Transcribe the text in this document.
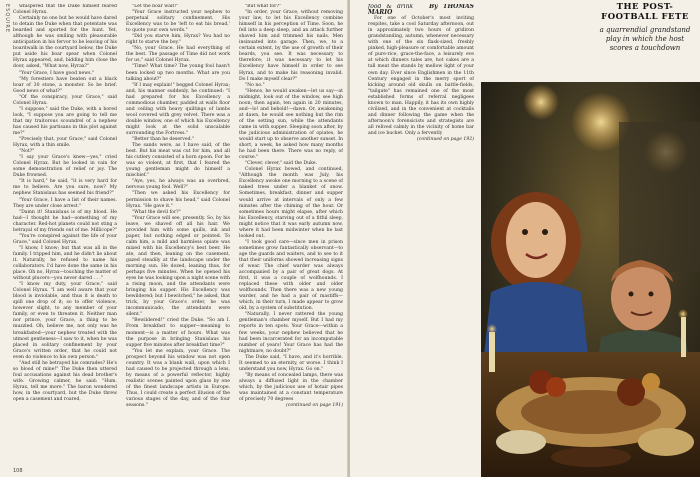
ESQUIRE	whispered that the Duke himself feared Colonel Hyrax.

Certainly no one but he would have dared to detain the Duke when that potentate was bearded and sported for the hunt. Yet, although he was smiling with pleasurable anticipation in his fervor to be leaving of his boardwalk in the courtyard below, the Duke put aside his boar spear when Colonel Hyrax appeared, and, bidding him close the door, asked, "What now, Hyrax?"

"Your Grace, I have good news."

"My forestiers have beaten out a black boar of 30 stone, a monster. So be brief. Good news of what?"

"Of the conspiracy, your Grace," said Colonel Hyrax.

"I suppose," said the Duke, with a bored look, "I suppose you are going to tell me that my traitorous scoundrel of a nephew has caused his partisans in this plot against me?"

"Precisely that, your Grace," said Colonel Hyrax, with a thin smile.

"Not?"

"I say your Grace's knew—yes," cried Colonel Hyrax. But he looked in vain for some demonstration of relief or joy. The Duke frowned.

"It is hard," he said, "it is very hard for me to believe. Are you sure, now? My nephew Stanislaus has seemed his friend?"

"Your Grace, I have a list of their names. They are under close arrest."

"Damn it! Stanislaus is of my blood. He had—I thought he had—something of my character. Red-hot planets could not sting a betrayal of my friends out of me. Millicope?"

"You're conspired against the life of your Grace," said Colonel Hyrax.

"I know, I know; but that was all in the family. I tripped him, and he didn't lie about it. Naturally, he refused to name his collaborators. I'd have done the same in his place. Oh no, Hyrax—touching the matter of without plucers—you never dared . . ."

"I know my duty, your Grace," said Colonel Hyrax. "I am well aware that your blood is inviolable, and thus it is death to spill one drop of it; so to offer violence, however slight, to any member of your family, or even to threaten it. Neither man nor prince, your Grace, a thing to be muzzled. Oh, believe me, not only was he breakfasted—your nephew treated with the utmost gentleness—I saw to it, when he was placed in solitary confinement by your Grace's written order, that he could not even do violence to his own person."

"And still he betrayed his comrades? He's so blood of mine!" The Duke then uttered foul accusations against his dead brother's wife. Growing calmer, he said: "Hum. Hyrax, tell me more." The baron wondered how, in the courtyard, but the Duke threw open a casement and roared,

"Let the boar wait!"

"Your Grace instructed your nephew to perpetual solitary confinement. His Excellency was to be 'left to eat his bread,' to quote your own words."

"Did you starve him, Hyrax? You had no right to starve the boy."

"No, your Grace. He had everything of the best. The passage of Time did not work for us," said Colonel Hyrax.

"Time? What time? The young fool hasn't been locked up two months. What are you talking about?"

"If I may explain!" begged Colonel Hyrax; and, his manner suddenly, he continued: "I had prepared for his Excellency a commodious chamber, padded at walls floor and ceiling with heavy quiltings of lambs wool covered with grey velvet. There was a double window, one of which his Excellency might look at the solid unscalable surrounding the Fortress."

"Better than he deserved."

The sands were, as I have said, of the best. But his meat was cut for him, and all his cutlery consisted of a horn spoon. For he was so violent, at first, that I feared the young gentleman might do himself a mischief."

"Aye, yes, he always was an overbred, nervous young fool. Well?"

"Then we asked his Excellency for permission to shave his head," said Colonel Hyrax. "He gave it."

"What the devil for?"

"Your Grace will see, presently. So, by his leave, we shaved off all his hair. We provided him with some quills, ink and paper, but nothing edged or pointed. To calm him, a mild and harmless opiate was mixed with his Excellency's best beer. He ate, and then, leaning on the casement, gazed steadily at the landscape under the morning sun. He dozed, leaning thus, for perhaps five minutes. When he opened his eyes he was looking upon a night scene with a rising moon, and the attendants were bringing his supper. His Excellency was bewildered; but I bewitched," he asked, that trick, by your Grace's order, he was incommunicado, the attendants were silent."

"Bewildered!" cried the Duke. "So am I. From breakfast to supper—meaning to moment—is a matter of hours. What was the purpose in bringing Stanislaus his supper five minutes after breakfast time?"

"You let me explain, your Grace. The prospect beyond his window was not open country. It was a blank wall, upon which I had caused to be projected through a lens, by means of a powerful reflector, highly realistic scenes painted upon glass by one of the finest landscape artists in Europe. Thus, I could create a perfect illusion of the various stages of the day, and of the four seasons."

"But what for?"

"In order, your Grace, without removing your law, to let his Excellency combine himself in his perception of Time. Soon, he fell into a deep sleep, and an attack further shaved him and trimmed his nails. Men insinuated into garage. Then, we, to a certain extent, by the use of growth of their beards, you see. It was necessary to therefore; it was necessary to let his Excellency have himself in order to see Hyrax, and to make his reasoning invalid. Do I make myself clear?"

"No no."

"Hence, he would awaken—let us say—at midnight, look out of the window, see high noon; then again, ten again in 20 minutes, and—lo! and behold!—dawn. Or, awakening at dawn, he would see nothing but the rim of the setting sun, while the attendants came in with supper. Sleeping soon after, by the judicious administration of opiates, he would start up to observe another sunset. In short, a week, he asked how many months he had been there. There was no reply, of course."

"Clever, clever," said the Duke.

Colonel Hyrax bowed, and continued, "Although the month was July, his Excellency awoke one morning to a scene of naked trees under a blanket of snow. Sometimes, breakfast, dinner and supper would arrive at intervals of only a few minutes after the chiming of the hour. Or sometimes hours might elapse, after which his Excellency, starving out of a fitful sleep, might notice that it was early autumn now, where it had been midwinter when he last looked out.

"I took good care—since men in prison sometimes grow fantastically observant—to age the guards and waiters, and to see to it that their uniforms showed increasing signs of wear. The chief warder was always accompanied by a pair of great dogs. At first, it was a couple of wolfhounds. I replaced these with older and older wolfhounds. Then there was a new young warder, and he had a pair of mastiffs—which, in their turn, I made appear to grow old, by a system of substitution.

"Naturally, I never rattered the young gentleman's chamber myself. But I had my reports in ten spots. Your Grace—within a few weeks, your nephew believed that he had been incarcerated for an incomputable number of years! Your Grace has had the nightmare, no doubt?"

The Duke said, "I have, and it's horrible. It seemed to an eternity, or worse. I think I understand you now, Hyrax. Go on."

"By means of concealed lamps, there was always a diffused light in the chamber which, by the judicious use of hotair pipes was maintained at a constant temperature of precisely 70 degrees

(continued on page 191)

108
food & drink	By THOMAS MARIO

For one of October's most inviting respites, take a cool Saturday afternoon, out in approximately two hours of gridiron grandstanding, autumn, whenever necessary with one of the six flask-sized, freshly pinked, high-pleasure or comfortable amount of pure-rice, grace-the-face, a leisurely eve at which dinners tales are, hot cakes are a tall meat the stands by mellow light of your own day. Ever since Englishmen in the 11th Century engaged in the merry sport of kicking around old skulls on battle-fields, "tailgate" has remained one of the most established forms of referral negligees known to man. Happily, it has its own highly civilized, and in the convenient at cocktails and dinner following the game when the afternoon's forensicists and strategists are all relived calmly in the vicinity of home bar and ice bucket. Only a fervently

(continued on page 192)

THE POST-FOOTBALL FETE
a quarrendial grandstand play in which the host scores a touchdown
